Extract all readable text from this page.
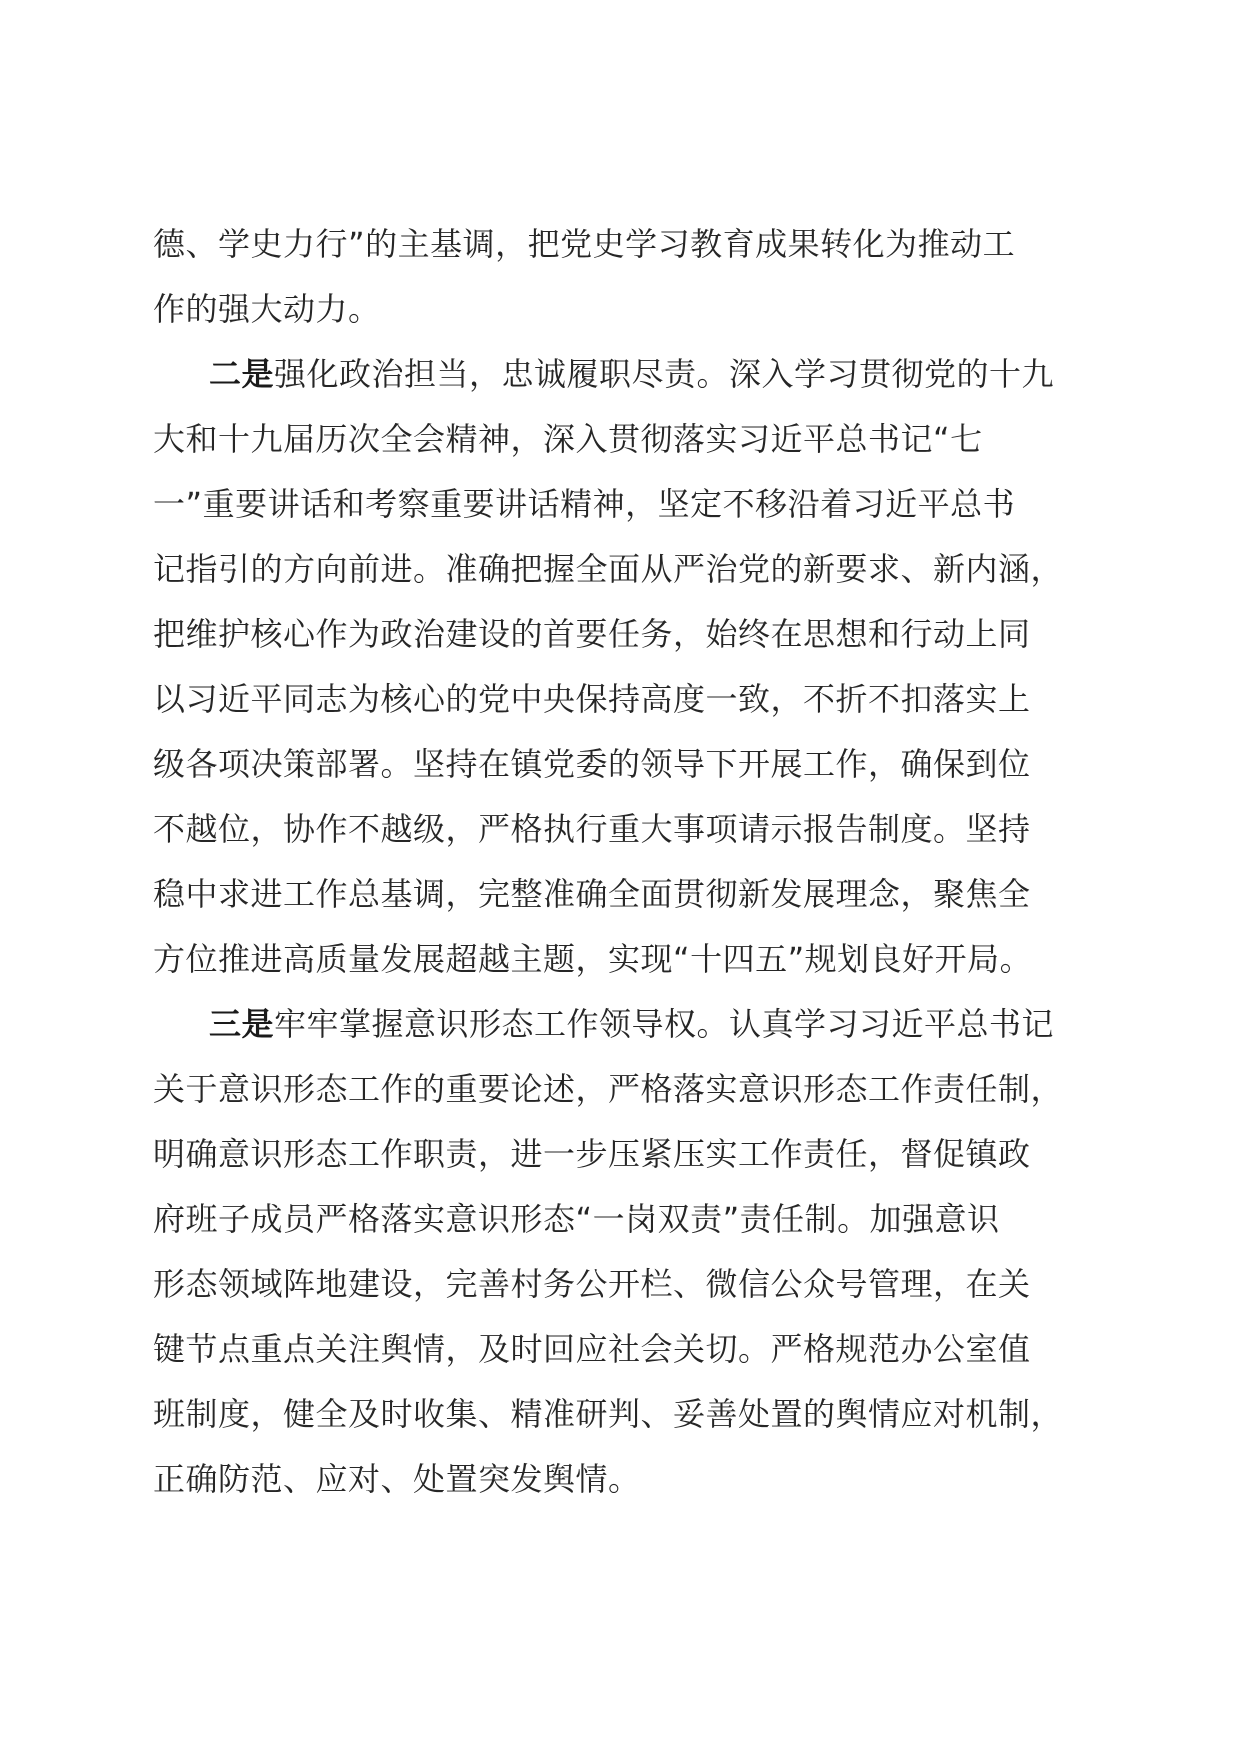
德、学史力行”的主基调，把党史学习教育成果转化为推动工
作的强大动力。
二是强化政治担当，忠诚履职尽责。深入学习贯彻党的十九
大和十九届历次全会精神，深入贯彻落实习近平总书记“七
一”重要讲话和考察重要讲话精神，坚定不移沿着习近平总书
记指引的方向前进。准确把握全面从严治党的新要求、新内涵，
把维护核心作为政治建设的首要任务，始终在思想和行动上同
以习近平同志为核心的党中央保持高度一致，不折不扣落实上
级各项决策部署。坚持在镇党委的领导下开展工作，确保到位
不越位，协作不越级，严格执行重大事项请示报告制度。坚持
稳中求进工作总基调，完整准确全面贯彻新发展理念，聚焦全
方位推进高质量发展超越主题，实现“十四五”规划良好开局。
三是牢牢掌握意识形态工作领导权。认真学习习近平总书记
关于意识形态工作的重要论述，严格落实意识形态工作责任制，
明确意识形态工作职责，进一步压紧压实工作责任，督促镇政
府班子成员严格落实意识形态“一岗双责”责任制。加强意识
形态领域阵地建设，完善村务公开栏、微信公众号管理，在关
键节点重点关注舆情，及时回应社会关切。严格规范办公室值
班制度，健全及时收集、精准研判、妥善处置的舆情应对机制，
正确防范、应对、处置突发舆情。
